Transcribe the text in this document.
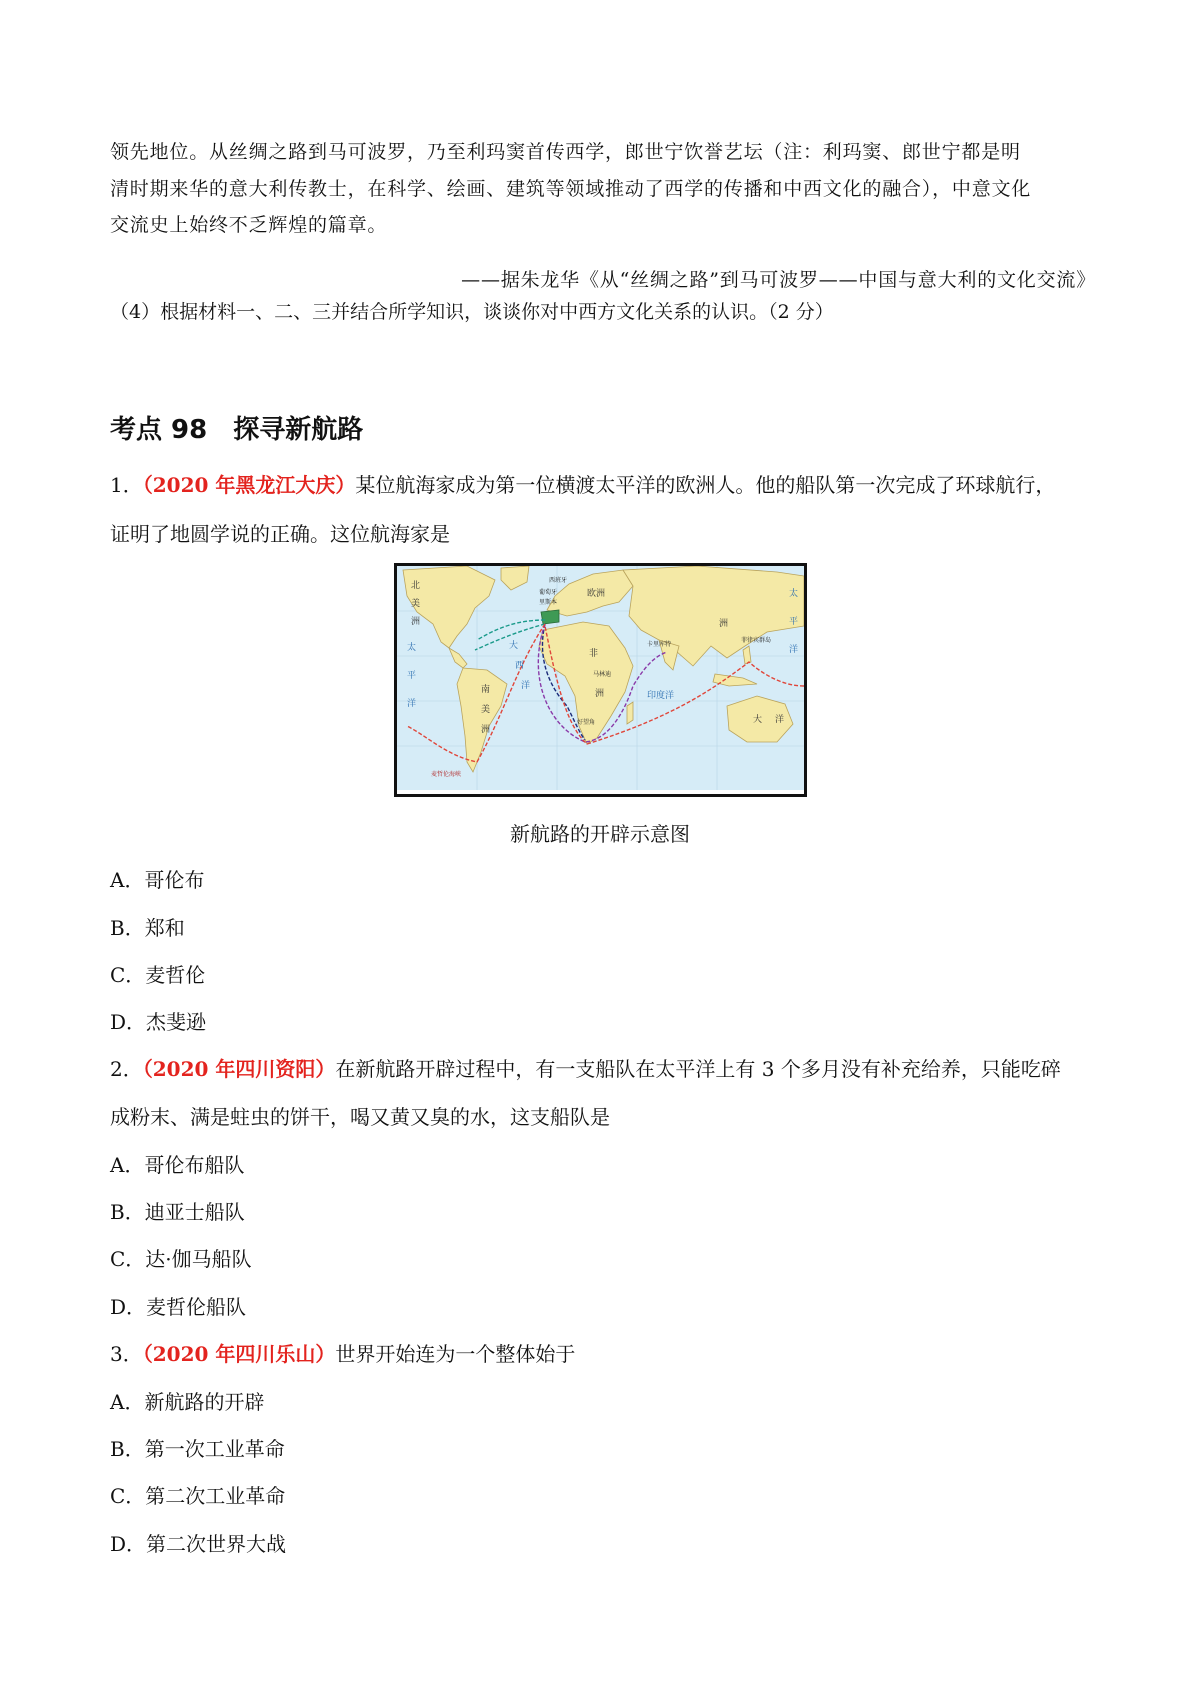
领先地位。从丝绸之路到马可波罗，乃至利玛窦首传西学，郎世宁饮誉艺坛（注：利玛窦、郎世宁都是明
清时期来华的意大利传教士，在科学、绘画、建筑等领域推动了西学的传播和中西文化的融合），中意文化
交流史上始终不乏辉煌的篇章。
——据朱龙华《从“丝绸之路”到马可波罗——中国与意大利的文化交流》
（4）根据材料一、二、三并结合所学知识，谈谈你对中西方文化关系的认识。（2 分）
考点 98 探寻新航路
1．（2020 年黑龙江大庆）某位航海家成为第一位横渡太平洋的欧洲人。他的船队第一次完成了环球航行，
证明了地圆学说的正确。这位航海家是
北
美
洲
南
美
洲
欧洲
非
洲
洲
大 洋
大
西
洋
太
平
洋
太
平
洋
印度洋
西班牙
葡萄牙
里斯本
卡里库特
马林迪
好望角
菲律宾群岛
麦哲伦海峡
新航路的开辟示意图
A．哥伦布
B．郑和
C．麦哲伦
D．杰斐逊
2．（2020 年四川资阳）在新航路开辟过程中，有一支船队在太平洋上有 3 个多月没有补充给养，只能吃碎
成粉末、满是蛀虫的饼干，喝又黄又臭的水，这支船队是
A．哥伦布船队
B．迪亚士船队
C．达·伽马船队
D．麦哲伦船队
3．（2020 年四川乐山）世界开始连为一个整体始于
A．新航路的开辟
B．第一次工业革命
C．第二次工业革命
D．第二次世界大战
